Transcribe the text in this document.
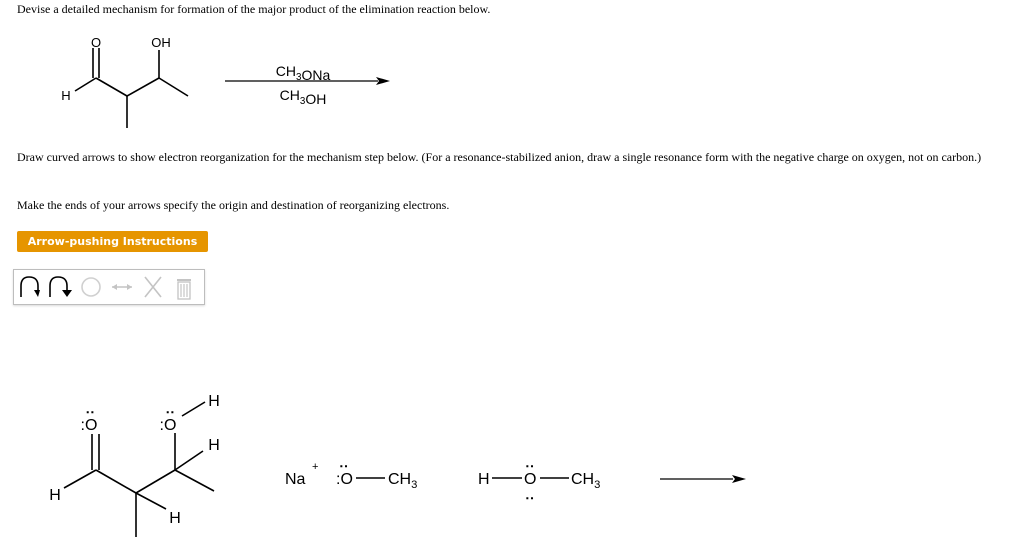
Devise a detailed mechanism for formation of the major product of the elimination reaction below.
O	OH
H
$CH_3ONa$
$CH_3OH$
Draw curved arrows to show electron reorganization for the mechanism step below. (For a resonance-stabilized anion, draw a single resonance form with the negative charge on oxygen, not on carbon.)
Make the ends of your arrows specify the origin and destination of reorganizing electrons.
Arrow-pushing Instructions
:O
‥
:O
‥ H
H
H
H
Na
+
:O
‥
$CH_3$	H O
‥
‥
$CH_3$
